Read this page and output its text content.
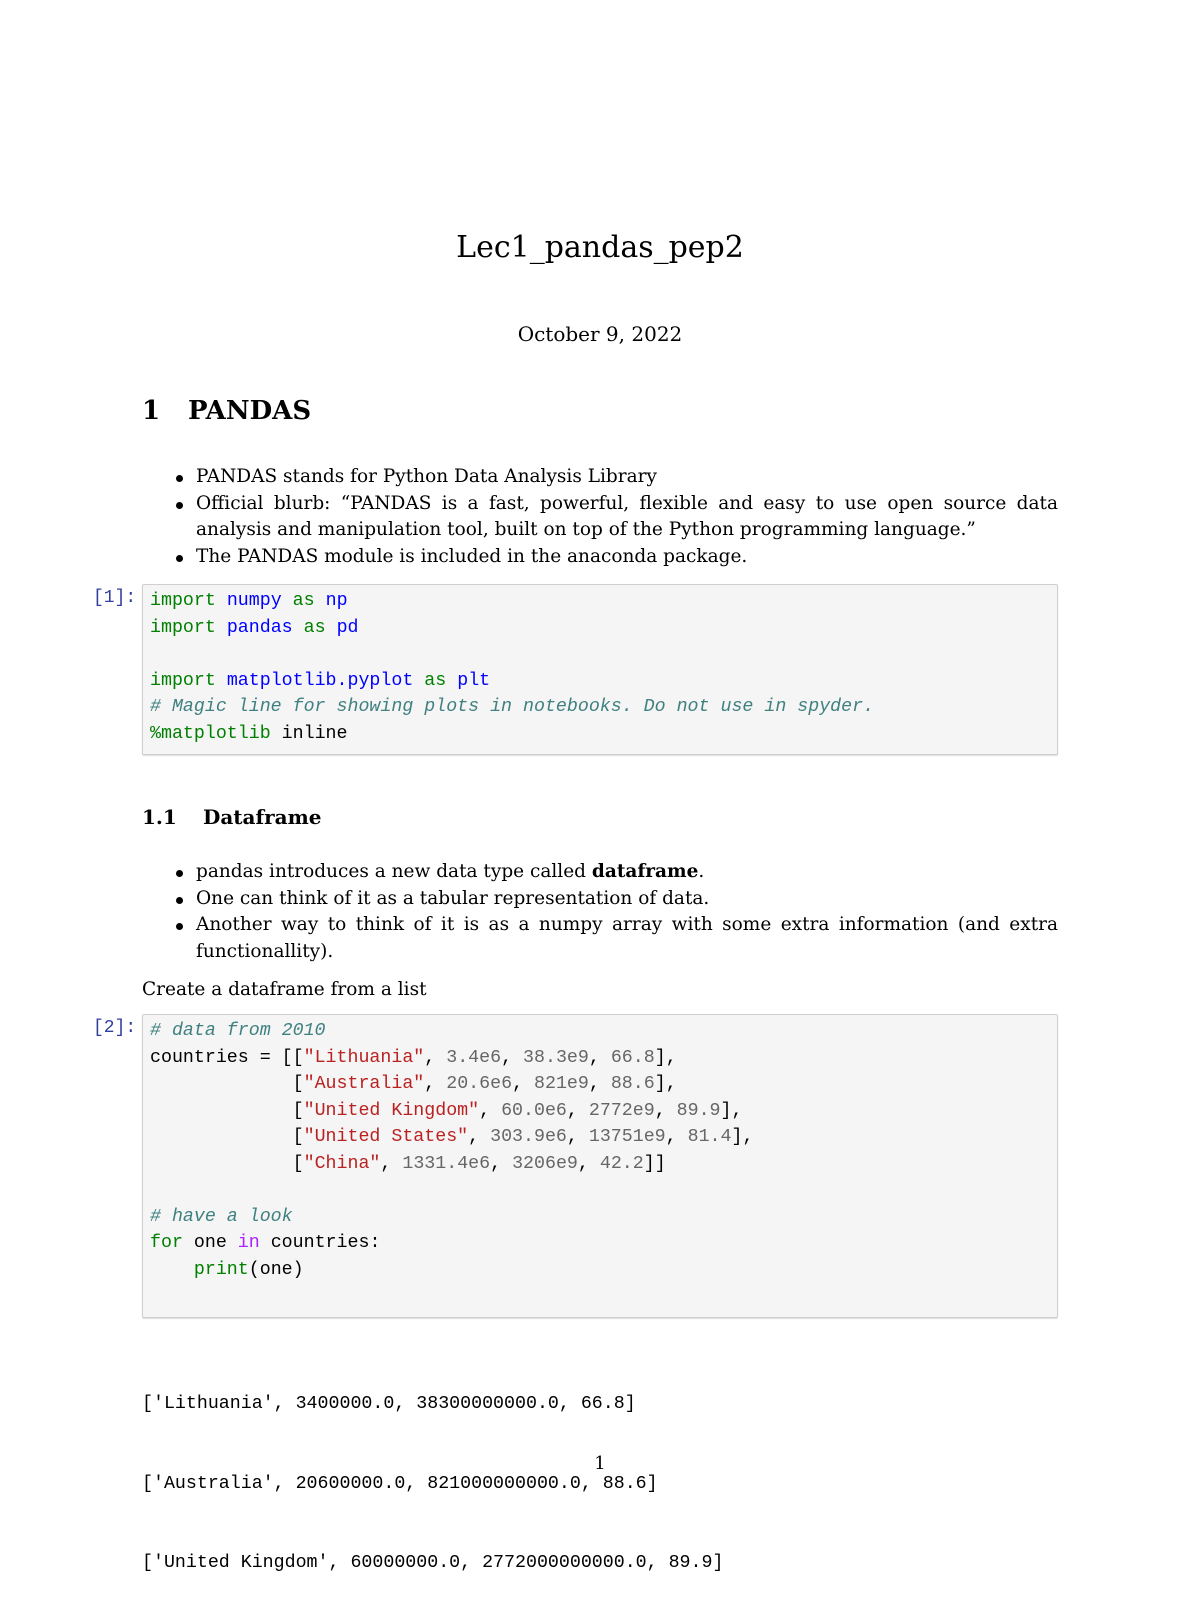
Lec1_pandas_pep2
October 9, 2022
1 PANDAS
PANDAS stands for Python Data Analysis Library
Official blurb: “PANDAS is a fast, powerful, flexible and easy to use open source data analysis and manipulation tool, built on top of the Python programming language.”
The PANDAS module is included in the anaconda package.
[1]: import numpy as np
import pandas as pd
import matplotlib.pyplot as plt
# Magic line for showing plots in notebooks. Do not use in spyder.
%matplotlib inline
1.1 Dataframe
pandas introduces a new data type called dataframe.
One can think of it as a tabular representation of data.
Another way to think of it is as a numpy array with some extra information (and extra functionallity).
Create a dataframe from a list
[2]: # data from 2010
countries = [["Lithuania", 3.4e6, 38.3e9, 66.8],
["Australia", 20.6e6, 821e9, 88.6],
["United Kingdom", 60.0e6, 2772e9, 89.9],
["United States", 303.9e6, 13751e9, 81.4],
["China", 1331.4e6, 3206e9, 42.2]]
# have a look
for one in countries:
print(one)

['Lithuania', 3400000.0, 38300000000.0, 66.8]

['Australia', 20600000.0, 821000000000.0, 88.6]

['United Kingdom', 60000000.0, 2772000000000.0, 89.9]

1
